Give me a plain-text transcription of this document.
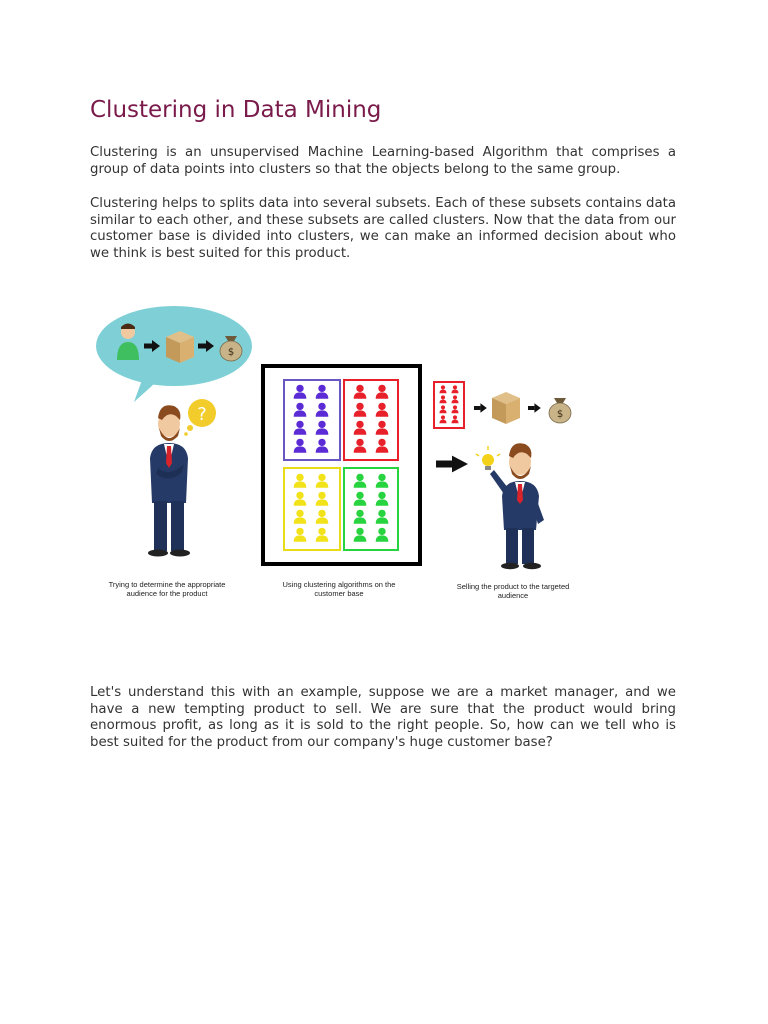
Clustering in Data Mining

Clustering is an unsupervised Machine Learning-based Algorithm that comprises a group of data points into clusters so that the objects belong to the same group.

Clustering helps to splits data into several subsets. Each of these subsets contains data similar to each other, and these subsets are called clusters. Now that the data from our customer base is divided into clusters, we can make an informed decision about who we think is best suited for this product.

Let's understand this with an example, suppose we are a market manager, and we have a new tempting product to sell. We are sure that the product would bring enormous profit, as long as it is sold to the right people. So, how can we tell who is best suited for the product from our company's huge customer base?

$
?	$
Trying to determine the appropriate
audience for the product
Using clustering algorithms on the
customer base
Selling the product to the targeted
audience
